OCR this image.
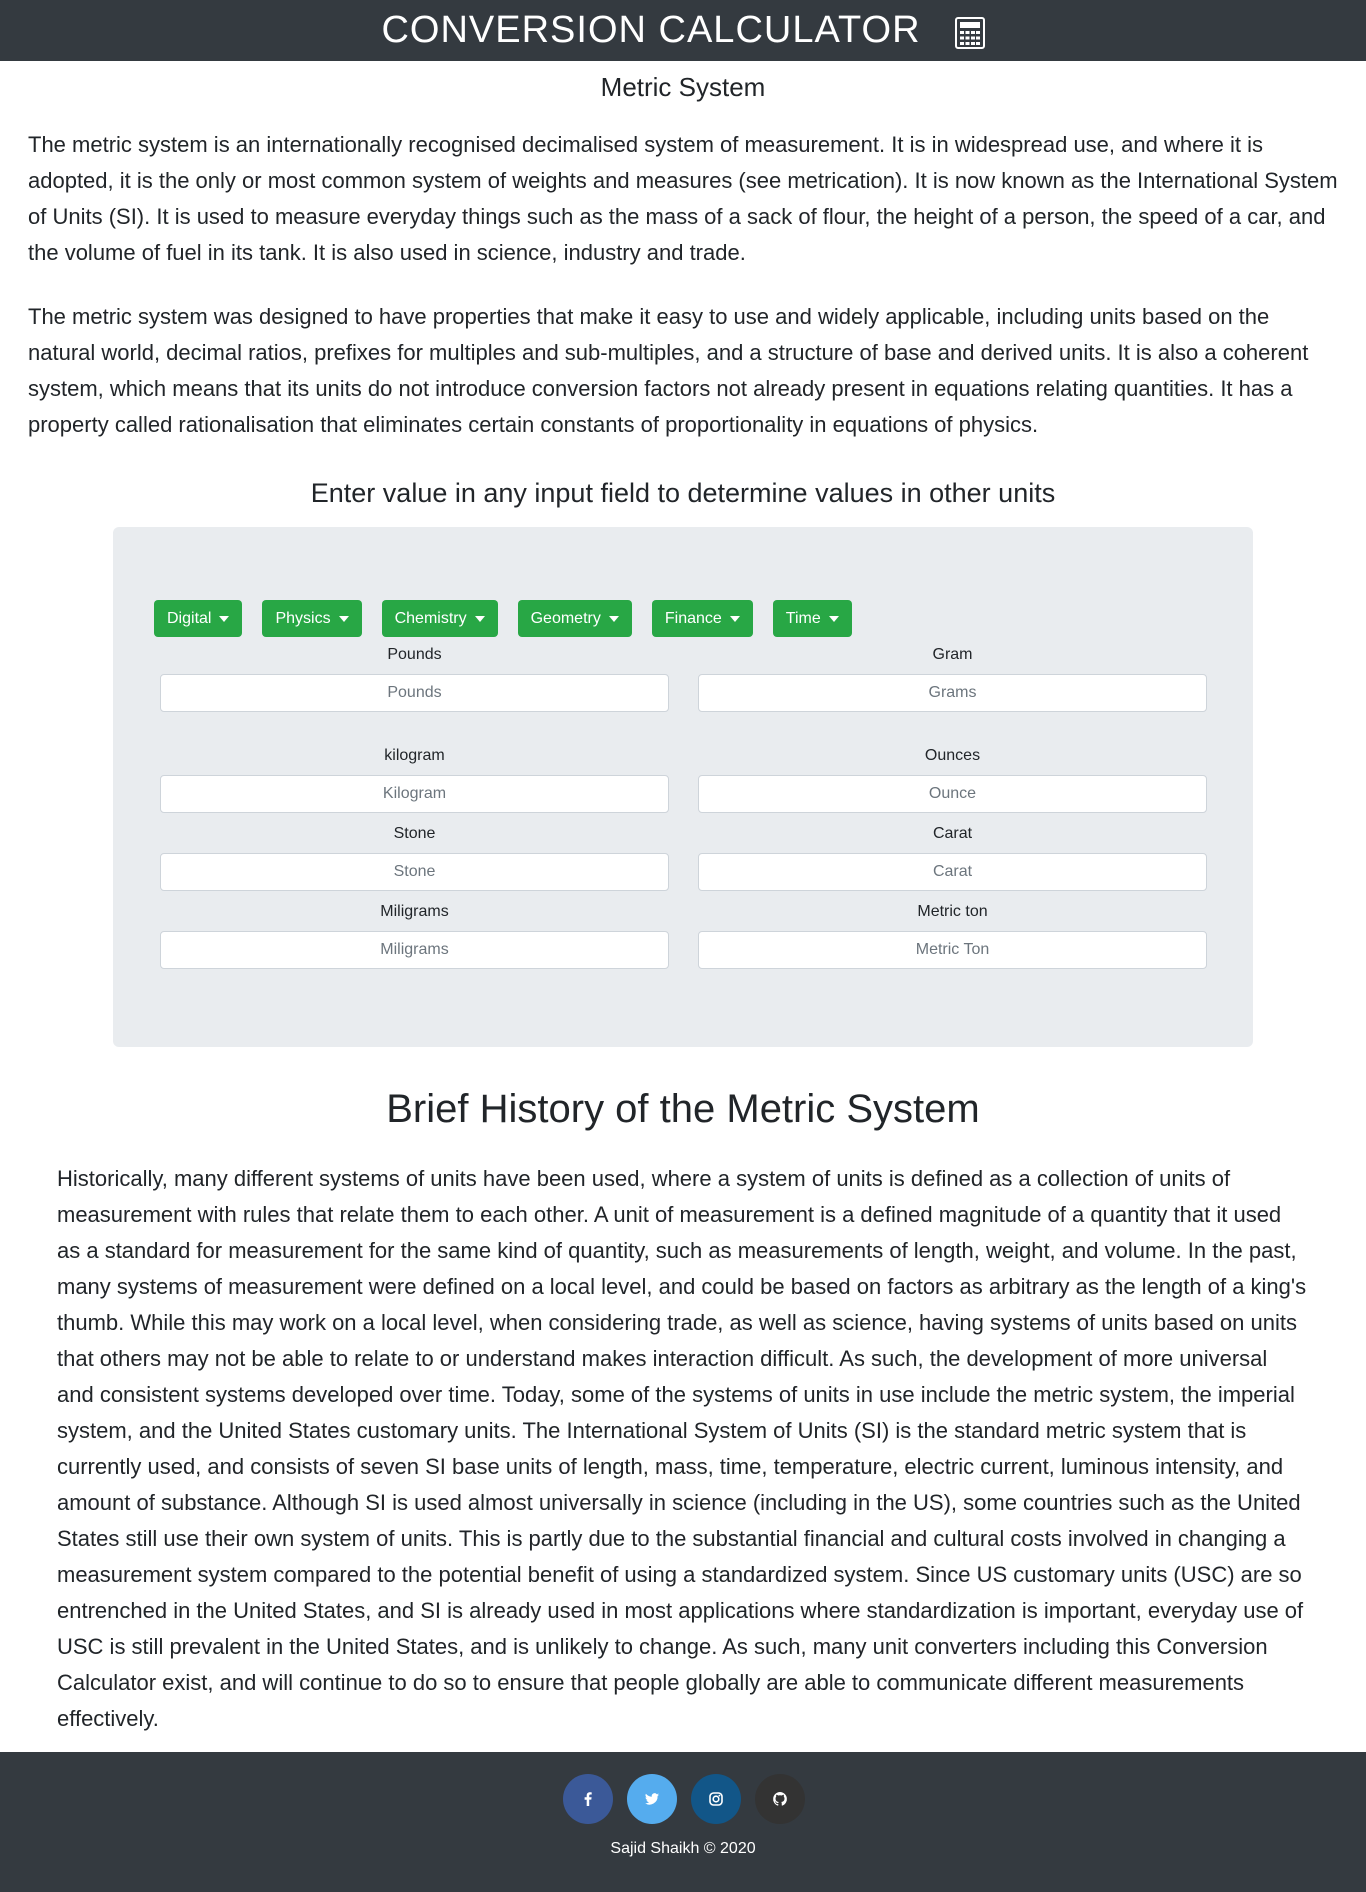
CONVERSION CALCULATOR
Metric System

The metric system is an internationally recognised decimalised system of measurement. It is in widespread use, and where it is adopted, it is the only or most common system of weights and measures (see metrication). It is now known as the International System of Units (SI). It is used to measure everyday things such as the mass of a sack of flour, the height of a person, the speed of a car, and the volume of fuel in its tank. It is also used in science, industry and trade.

The metric system was designed to have properties that make it easy to use and widely applicable, including units based on the natural world, decimal ratios, prefixes for multiples and sub-multiples, and a structure of base and derived units. It is also a coherent system, which means that its units do not introduce conversion factors not already present in equations relating quantities. It has a property called rationalisation that eliminates certain constants of proportionality in equations of physics.

Enter value in any input field to determine values in other units
Digital	Physics	Chemistry	Geometry	Finance	Time
Pounds
Pounds	Gram
Grams
kilogram
Kilogram	Ounces
Ounce
Stone
Stone	Carat
Carat
Miligrams
Miligrams	Metric ton
Metric Ton
Brief History of the Metric System

Historically, many different systems of units have been used, where a system of units is defined as a collection of units of measurement with rules that relate them to each other. A unit of measurement is a defined magnitude of a quantity that it used as a standard for measurement for the same kind of quantity, such as measurements of length, weight, and volume. In the past, many systems of measurement were defined on a local level, and could be based on factors as arbitrary as the length of a king's thumb. While this may work on a local level, when considering trade, as well as science, having systems of units based on units that others may not be able to relate to or understand makes interaction difficult. As such, the development of more universal and consistent systems developed over time. Today, some of the systems of units in use include the metric system, the imperial system, and the United States customary units. The International System of Units (SI) is the standard metric system that is currently used, and consists of seven SI base units of length, mass, time, temperature, electric current, luminous intensity, and amount of substance. Although SI is used almost universally in science (including in the US), some countries such as the United States still use their own system of units. This is partly due to the substantial financial and cultural costs involved in changing a measurement system compared to the potential benefit of using a standardized system. Since US customary units (USC) are so entrenched in the United States, and SI is already used in most applications where standardization is important, everyday use of USC is still prevalent in the United States, and is unlikely to change. As such, many unit converters including this Conversion Calculator exist, and will continue to do so to ensure that people globally are able to communicate different measurements effectively.

Sajid Shaikh © 2020
